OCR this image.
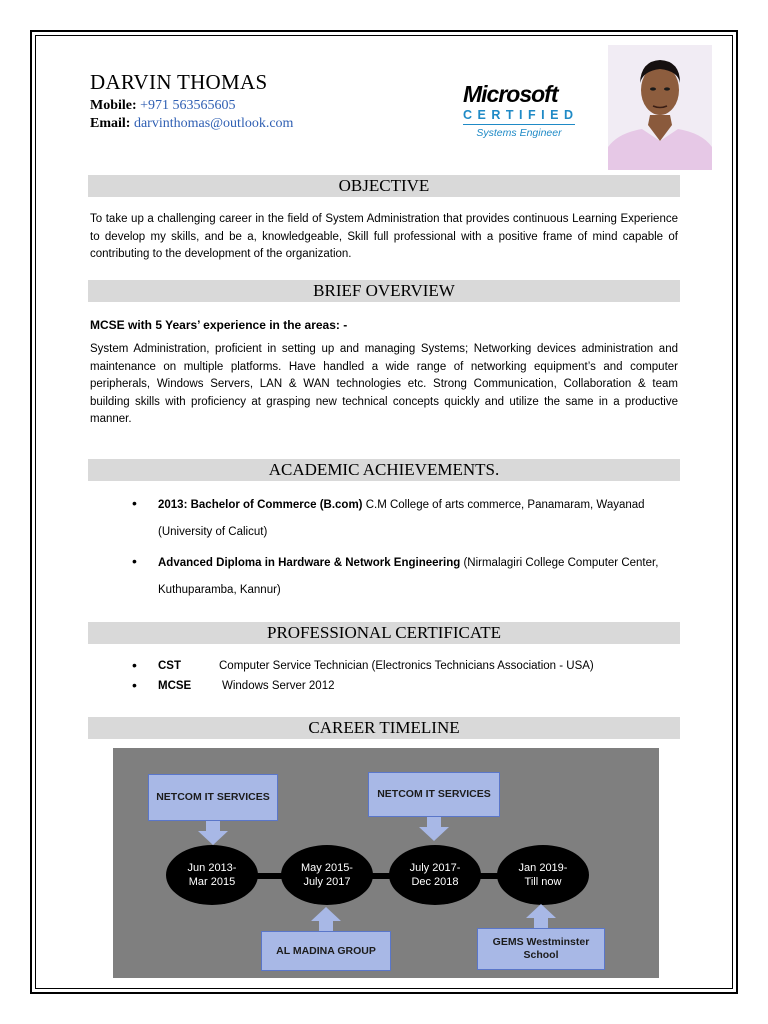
DARVIN THOMAS
Mobile: +971 563565605
Email: darvinthomas@outlook.com
Microsoft
CERTIFIED
Systems Engineer
OBJECTIVE
To take up a challenging career in the field of System Administration that provides continuous Learning Experience to develop my skills, and be a, knowledgeable, Skill full professional with a positive frame of mind capable of contributing to the development of the organization.
BRIEF OVERVIEW
MCSE with 5 Years’ experience in the areas: -
System Administration, proficient in setting up and managing Systems; Networking devices administration and maintenance on multiple platforms. Have handled a wide range of networking equipment’s and computer peripherals, Windows Servers, LAN & WAN technologies etc. Strong Communication, Collaboration & team building skills with proficiency at grasping new technical concepts quickly and utilize the same in a productive manner.
ACADEMIC ACHIEVEMENTS.
• 2013: Bachelor of Commerce (B.com) C.M College of arts commerce, Panamaram, Wayanad (University of Calicut)
• Advanced Diploma in Hardware & Network Engineering (Nirmalagiri College Computer Center, Kuthuparamba, Kannur)
PROFESSIONAL CERTIFICATE
• CST	Computer Service Technician (Electronics Technicians Association - USA)
• MCSE	Windows Server 2012
CAREER TIMELINE
Jun 2013-
Mar 2015
May 2015-
July 2017
July 2017-
Dec 2018
Jan 2019-
Till now
NETCOM IT SERVICES
AL MADINA GROUP
NETCOM IT SERVICES
GEMS Westminster School
